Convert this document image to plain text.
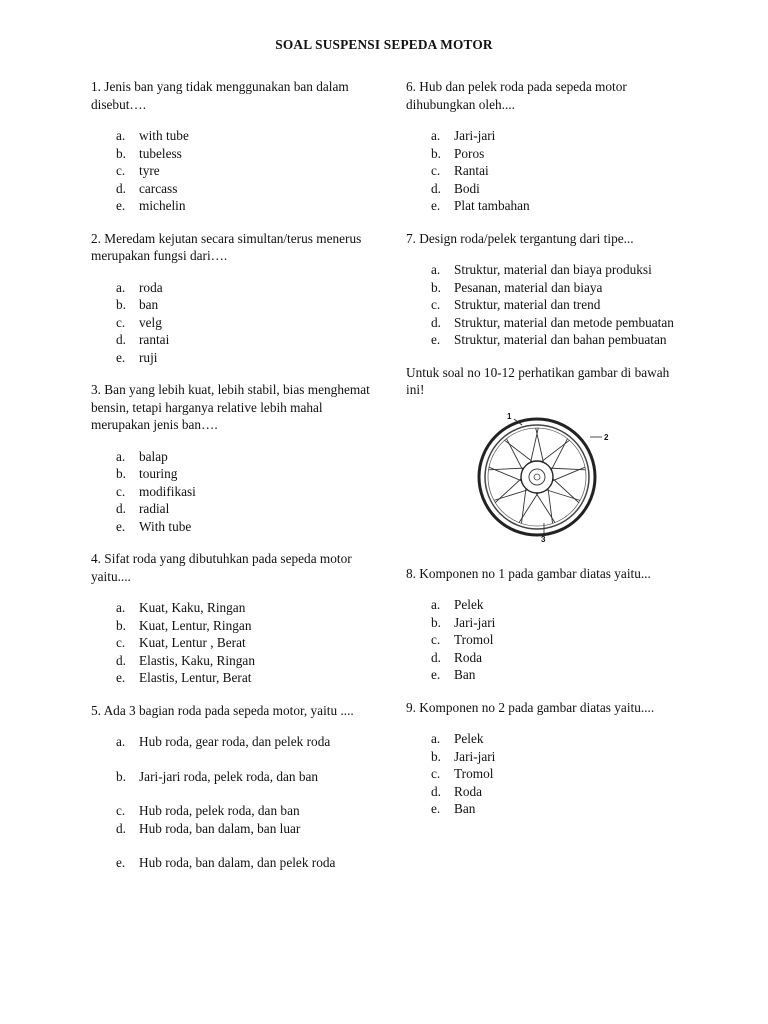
SOAL SUSPENSI SEPEDA MOTOR
1. Jenis ban yang tidak menggunakan ban dalam disebut….
a.	with tube
b. tubeless
c.	tyre
d. carcass
e.	michelin
2. Meredam kejutan secara simultan/terus menerus merupakan fungsi dari….
a.	roda
b. ban
c.	velg
d. rantai
e.	ruji
3. Ban yang lebih kuat, lebih stabil, bias menghemat bensin, tetapi harganya relative lebih mahal merupakan jenis ban….
a.	balap
b. touring
c.	modifikasi
d. radial
e.	With tube
4. Sifat roda yang dibutuhkan pada sepeda motor yaitu....
a.	Kuat, Kaku, Ringan
b. Kuat, Lentur, Ringan
c.	Kuat, Lentur , Berat
d. Elastis, Kaku, Ringan
e.	Elastis, Lentur, Berat
5. Ada 3 bagian roda pada sepeda motor, yaitu ....
a.	Hub roda, gear roda, dan pelek roda
b. Jari-jari roda, pelek roda, dan ban
c.	Hub roda, pelek roda, dan ban
d. Hub roda, ban dalam, ban luar
e.	Hub roda, ban dalam, dan pelek roda
6. Hub dan pelek roda pada sepeda motor dihubungkan oleh....
a.	Jari-jari
b. Poros
c.	Rantai
d. Bodi
e.	Plat tambahan
7. Design roda/pelek tergantung dari tipe...
a.	Struktur, material dan biaya produksi
b. Pesanan, material dan biaya
c.	Struktur, material dan trend
d. Struktur, material dan metode pembuatan
e.	Struktur, material dan bahan pembuatan
Untuk soal no 10-12 perhatikan gambar di bawah ini!
1
2
3
8. Komponen no 1 pada gambar diatas yaitu...
a.	Pelek
b. Jari-jari
c.	Tromol
d. Roda
e.	Ban
9. Komponen no 2 pada gambar diatas yaitu....
a.	Pelek
b. Jari-jari
c.	Tromol
d. Roda
e.	Ban
